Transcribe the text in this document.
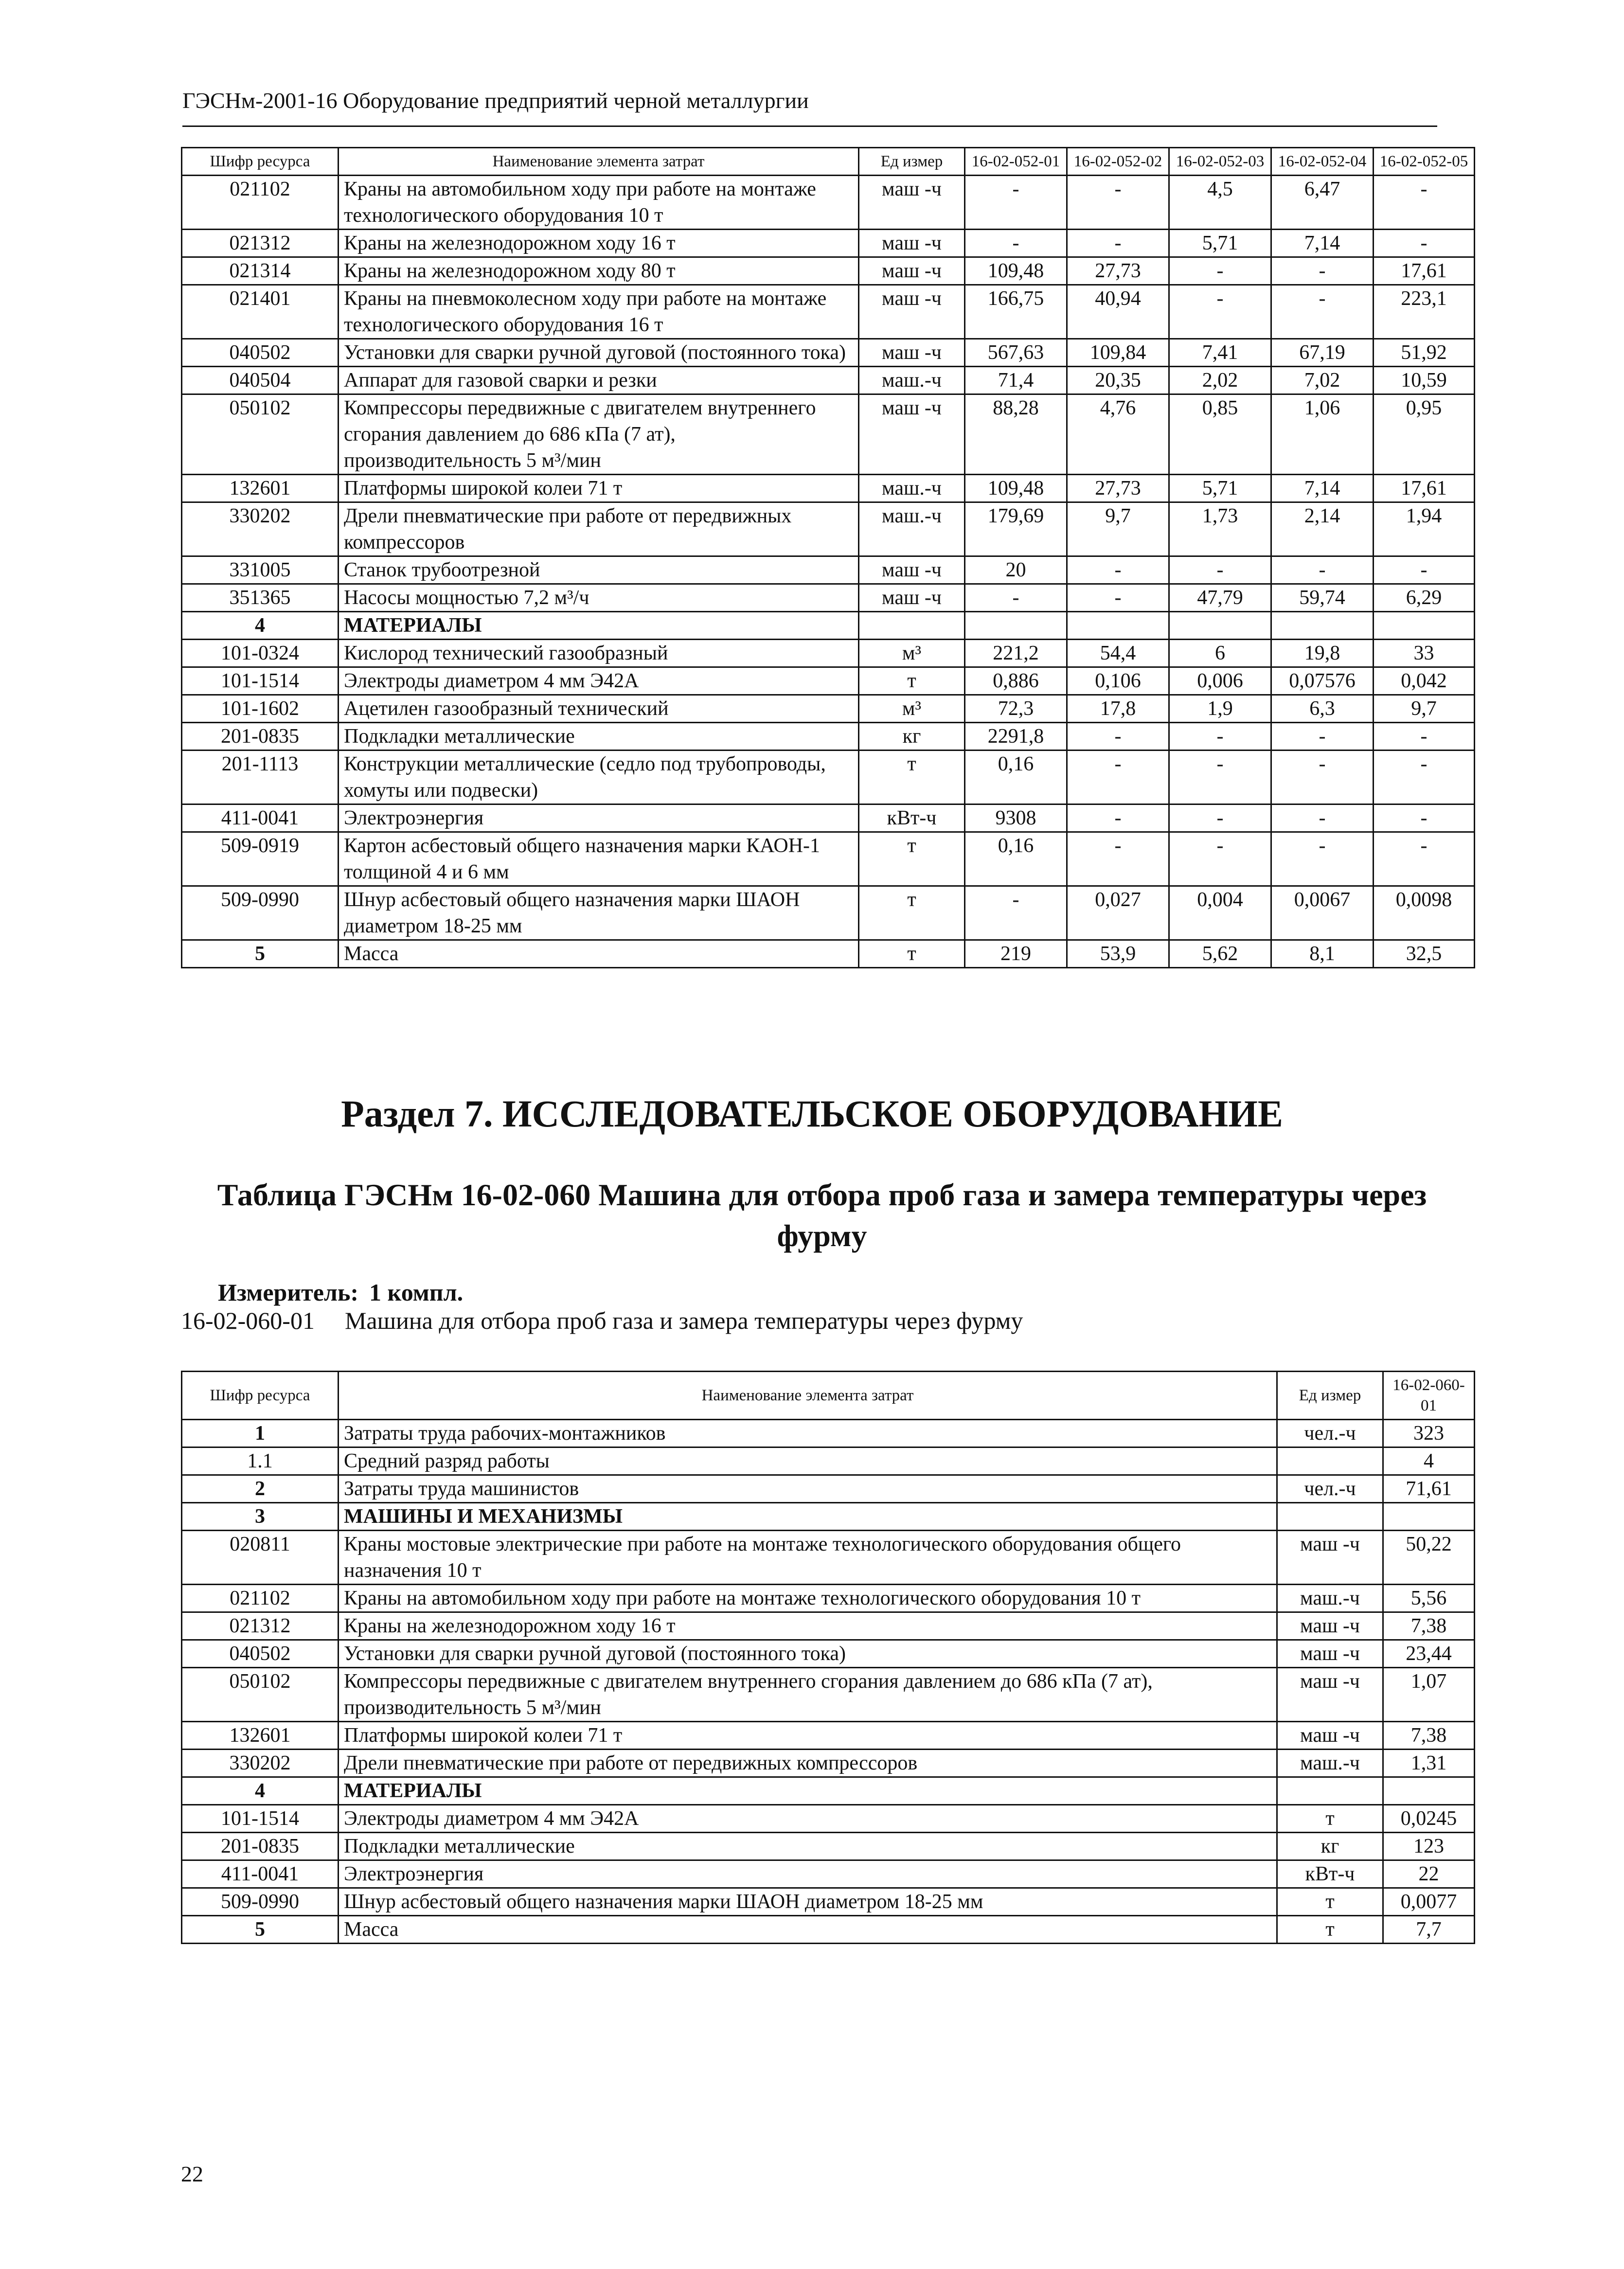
ГЭСНм-2001-16 Оборудование предприятий черной металлургии
Шифр ресурса	Наименование элемента затрат	Ед измер	16-02-052-01	16-02-052-02	16-02-052-03	16-02-052-04	16-02-052-05
021102	Краны на автомобильном ходу при работе на монтаже технологического оборудования 10 т	маш -ч	-	-	4,5	6,47	-
021312	Краны на железнодорожном ходу 16 т	маш -ч	-	-	5,71	7,14	-
021314	Краны на железнодорожном ходу 80 т	маш -ч	109,48	27,73	-	-	17,61
021401	Краны на пневмоколесном ходу при работе на монтаже технологического оборудования 16 т	маш -ч	166,75	40,94	-	-	223,1
040502	Установки для сварки ручной дуговой (постоянного тока)	маш -ч	567,63	109,84	7,41	67,19	51,92
040504	Аппарат для газовой сварки и резки	маш.-ч	71,4	20,35	2,02	7,02	10,59
050102	Компрессоры передвижные с двигателем внутреннего сгорания давлением до 686 кПа (7 ат), производительность 5 м³/мин	маш -ч	88,28	4,76	0,85	1,06	0,95
132601	Платформы широкой колеи 71 т	маш.-ч	109,48	27,73	5,71	7,14	17,61
330202	Дрели пневматические при работе от передвижных компрессоров	маш.-ч	179,69	9,7	1,73	2,14	1,94
331005	Станок трубоотрезной	маш -ч	20	-	-	-	-
351365	Насосы мощностью 7,2 м³/ч	маш -ч	-	-	47,79	59,74	6,29
4	МАТЕРИАЛЫ						
101-0324	Кислород технический газообразный	м³	221,2	54,4	6	19,8	33
101-1514	Электроды диаметром 4 мм Э42А	т	0,886	0,106	0,006	0,07576	0,042
101-1602	Ацетилен газообразный технический	м³	72,3	17,8	1,9	6,3	9,7
201-0835	Подкладки металлические	кг	2291,8	-	-	-	-
201-1113	Конструкции металлические (седло под трубопроводы, хомуты или подвески)	т	0,16	-	-	-	-
411-0041	Электроэнергия	кВт-ч	9308	-	-	-	-
509-0919	Картон асбестовый общего назначения марки КАОН-1 толщиной 4 и 6 мм	т	0,16	-	-	-	-
509-0990	Шнур асбестовый общего назначения марки ШАОН диаметром 18-25 мм	т	-	0,027	0,004	0,0067	0,0098
5	Масса	т	219	53,9	5,62	8,1	32,5
Раздел 7. ИССЛЕДОВАТЕЛЬСКОЕ ОБОРУДОВАНИЕ
Таблица ГЭСНм 16-02-060 Машина для отбора проб газа и замера температуры через фурму
Измеритель: 1 компл.
16-02-060-01 Машина для отбора проб газа и замера температуры через фурму
Шифр ресурса	Наименование элемента затрат	Ед измер	16-02-060-01
1	Затраты труда рабочих-монтажников	чел.-ч	323
1.1	Средний разряд работы		4
2	Затраты труда машинистов	чел.-ч	71,61
3	МАШИНЫ И МЕХАНИЗМЫ		
020811	Краны мостовые электрические при работе на монтаже технологического оборудования общего назначения 10 т	маш -ч	50,22
021102	Краны на автомобильном ходу при работе на монтаже технологического оборудования 10 т	маш.-ч	5,56
021312	Краны на железнодорожном ходу 16 т	маш -ч	7,38
040502	Установки для сварки ручной дуговой (постоянного тока)	маш -ч	23,44
050102	Компрессоры передвижные с двигателем внутреннего сгорания давлением до 686 кПа (7 ат), производительность 5 м³/мин	маш -ч	1,07
132601	Платформы широкой колеи 71 т	маш -ч	7,38
330202	Дрели пневматические при работе от передвижных компрессоров	маш.-ч	1,31
4	МАТЕРИАЛЫ		
101-1514	Электроды диаметром 4 мм Э42А	т	0,0245
201-0835	Подкладки металлические	кг	123
411-0041	Электроэнергия	кВт-ч	22
509-0990	Шнур асбестовый общего назначения марки ШАОН диаметром 18-25 мм	т	0,0077
5	Масса	т	7,7
22
